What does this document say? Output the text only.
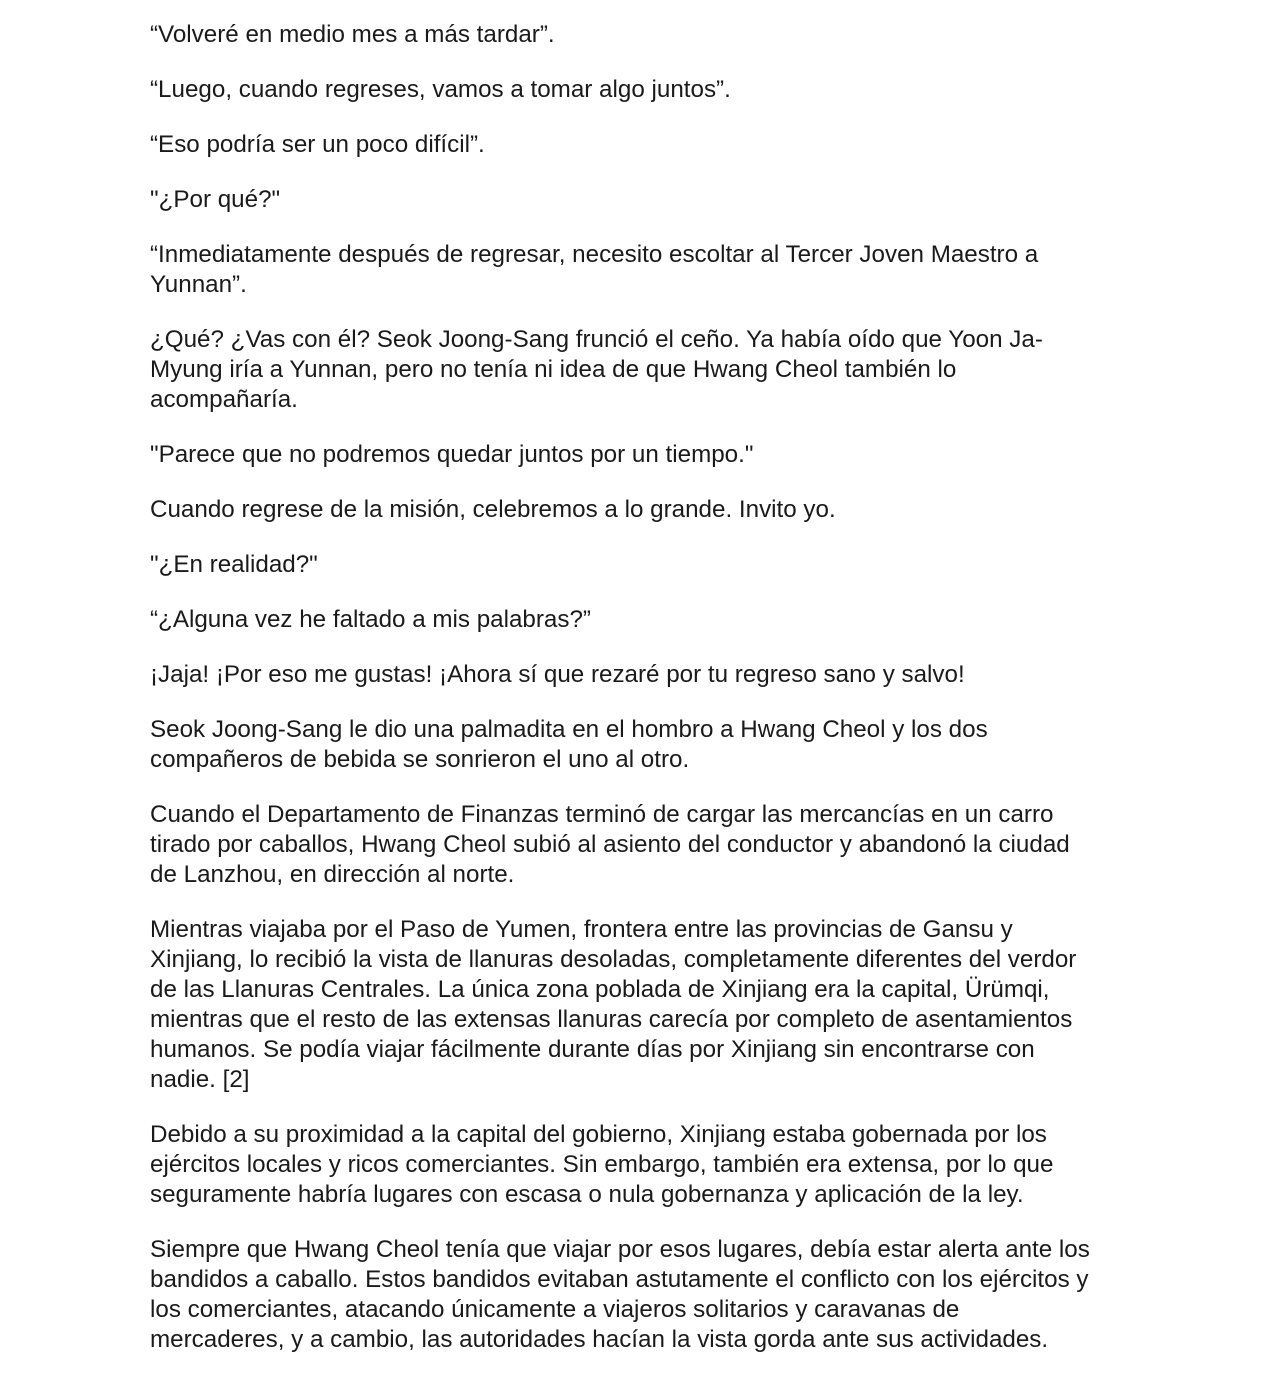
“Volveré en medio mes a más tardar”.

“Luego, cuando regreses, vamos a tomar algo juntos”.

“Eso podría ser un poco difícil”.

"¿Por qué?"

“Inmediatamente después de regresar, necesito escoltar al Tercer Joven Maestro a
Yunnan”.

¿Qué? ¿Vas con él? Seok Joong-Sang frunció el ceño. Ya había oído que Yoon Ja-
Myung iría a Yunnan, pero no tenía ni idea de que Hwang Cheol también lo
acompañaría.

"Parece que no podremos quedar juntos por un tiempo."

Cuando regrese de la misión, celebremos a lo grande. Invito yo.

"¿En realidad?"

“¿Alguna vez he faltado a mis palabras?”

¡Jaja! ¡Por eso me gustas! ¡Ahora sí que rezaré por tu regreso sano y salvo!

Seok Joong-Sang le dio una palmadita en el hombro a Hwang Cheol y los dos
compañeros de bebida se sonrieron el uno al otro.

Cuando el Departamento de Finanzas terminó de cargar las mercancías en un carro
tirado por caballos, Hwang Cheol subió al asiento del conductor y abandonó la ciudad
de Lanzhou, en dirección al norte.

Mientras viajaba por el Paso de Yumen, frontera entre las provincias de Gansu y
Xinjiang, lo recibió la vista de llanuras desoladas, completamente diferentes del verdor
de las Llanuras Centrales. La única zona poblada de Xinjiang era la capital, Ürümqi,
mientras que el resto de las extensas llanuras carecía por completo de asentamientos
humanos. Se podía viajar fácilmente durante días por Xinjiang sin encontrarse con
nadie. [2]

Debido a su proximidad a la capital del gobierno, Xinjiang estaba gobernada por los
ejércitos locales y ricos comerciantes. Sin embargo, también era extensa, por lo que
seguramente habría lugares con escasa o nula gobernanza y aplicación de la ley.

Siempre que Hwang Cheol tenía que viajar por esos lugares, debía estar alerta ante los
bandidos a caballo. Estos bandidos evitaban astutamente el conflicto con los ejércitos y
los comerciantes, atacando únicamente a viajeros solitarios y caravanas de
mercaderes, y a cambio, las autoridades hacían la vista gorda ante sus actividades.
